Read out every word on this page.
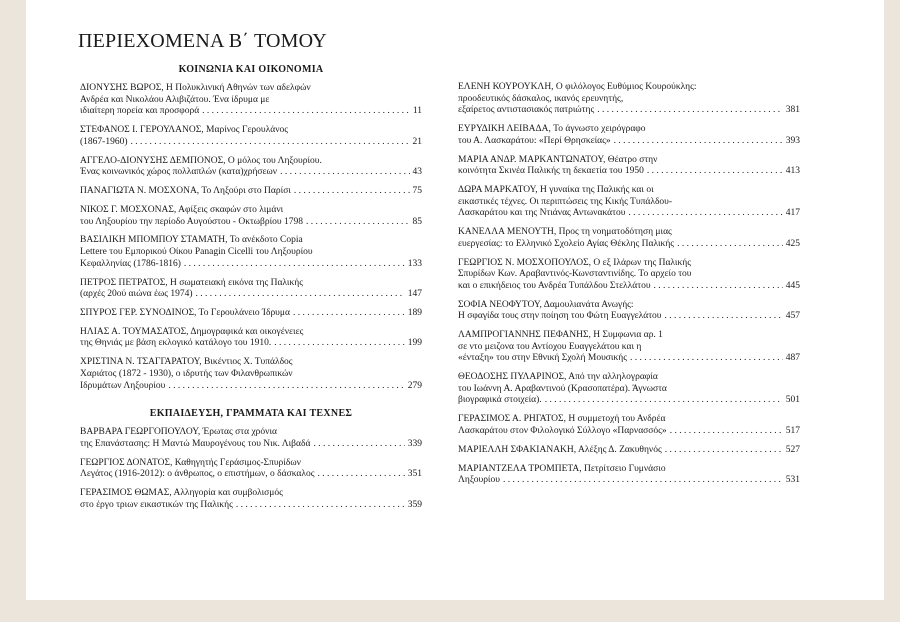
ΠΕΡΙΕΧΟΜΕΝΑ Β΄ ΤΟΜΟΥ
ΚΟΙΝΩΝΙΑ ΚΑΙ ΟΙΚΟΝΟΜΙΑ
ΔΙΟΝΥΣΗΣ ΒΩΡΟΣ, Η Πολυκλινική Αθηνών των αδελφών
Ανδρέα και Νικολάου Αλιβιζάτου. Ένα ίδρυμα με
ιδιαίτερη πορεία και προσφορά . . .	11
ΣΤΕΦΑΝΟΣ Ι. ΓΕΡΟΥΛΑΝΟΣ, Μαρίνος Γερουλάνος
(1867-1960) . . .	21
ΑΓΓΕΛΟ-ΔΙΟΝΥΣΗΣ ΔΕΜΠΟΝΟΣ, Ο μόλος του Ληξουρίου.
Ένας κοινωνικός χώρος πολλαπλών (κατα)χρήσεων . . .	43
ΠΑΝΑΓΙΩΤΑ Ν. ΜΟΣΧΟΝΑ, Το Ληξούρι στο Παρίσι . . .	75
ΝΙΚΟΣ Γ. ΜΟΣΧΟΝΑΣ, Αφίξεις σκαφών στο λιμάνι
του Ληξουρίου την περίοδο Αυγούστου - Οκτωβρίου 1798 . . .	85
ΒΑΣΙΛΙΚΗ ΜΠΟΜΠΟΥ ΣΤΑΜΑΤΗ, Το ανέκδοτο Copia
Lettere του Εμπορικού Οίκου Panagin Cicelli του Ληξουρίου
Κεφαλληνίας (1786-1816) . . .	133
ΠΕΤΡΟΣ ΠΕΤΡΑΤΟΣ, Η σωματειακή εικόνα της Παλικής
(αρχές 20ού αιώνα έως 1974) . . .	147
ΣΠΥΡΟΣ ΓΕΡ. ΣΥΝΟΔΙΝΟΣ, Το Γερουλάνειο Ίδρυμα . . .	189
ΗΛΙΑΣ Α. ΤΟΥΜΑΣΑΤΟΣ, Δημογραφικά και οικογένειες
της Θηνιάς με βάση εκλογικό κατάλογο του 1910. . . .	199
ΧΡΙΣΤΙΝΑ Ν. ΤΣΑΓΓΑΡΑΤΟΥ, Βικέντιος Χ. Τυπάλδος
Χαριάτος (1872 - 1930), ο ιδρυτής των Φιλανθρωπικών
Ιδρυμάτων Ληξουρίου . . .	279
ΕΚΠΑΙΔΕΥΣΗ, ΓΡΑΜΜΑΤΑ ΚΑΙ ΤΕΧΝΕΣ
ΒΑΡΒΑΡΑ ΓΕΩΡΓΟΠΟΥΛΟΥ, Έρωτας στα χρόνια
της Επανάστασης: Η Μαντώ Μαυρογένους του Νικ. Λιβαδά . . .	339
ΓΕΩΡΓΙΟΣ ΔΟΝΑΤΟΣ, Καθηγητής Γεράσιμος-Σπυρίδων
Λεγάτος (1916-2012): ο άνθρωπος, ο επιστήμων, ο δάσκαλος . . .	351
ΓΕΡΑΣΙΜΟΣ ΘΩΜΑΣ, Αλληγορία και συμβολισμός
στο έργο τριων εικαστικών της Παλικής . . .	359
ΕΛΕΝΗ ΚΟΥΡΟΥΚΛΗ, Ο φιλόλογος Ευθύμιος Κουρούκλης:
προοδευτικός δάσκαλος, ικανός ερευνητής,
εξαίρετος αντιστασιακός πατριώτης . . .	381
ΕΥΡΥΔΙΚΗ ΛΕΙΒΑΔΑ, Το άγνωστο χειρόγραφο
του Α. Λασκαράτου: «Περί Θρησκείας» . . .	393
ΜΑΡΙΑ ΑΝΔΡ. ΜΑΡΚΑΝΤΩΝΑΤΟΥ, Θέατρο στην
κοινότητα Σκινέα Παλικής τη δεκαετία του 1950 . . .	413
ΔΩΡΑ ΜΑΡΚΑΤΟΥ, Η γυναίκα της Παλικής και οι
εικαστικές τέχνες. Οι περιπτώσεις της Κικής Τυπάλδου-
Λασκαράτου και της Ντιάνας Αντωνακάτου . . .	417
ΚΑΝΕΛΛΑ ΜΕΝΟΥΤΗ, Προς τη νοηματοδότηση μιας
ευεργεσίας: το Ελληνικό Σχολείο Αγίας Θέκλης Παλικής . . .	425
ΓΕΩΡΓΙΟΣ Ν. ΜΟΣΧΟΠΟΥΛΟΣ, Ο εξ Ιλάρων της Παλικής
Σπυρίδων Κων. Αραβαντινός-Κωνσταντινίδης. Το αρχείο του
και ο επικήδειος του Ανδρέα Τυπάλδου Στελλάτου . . .	445
ΣΟΦΙΑ ΝΕΟΦΥΤΟΥ, Δαμουλιανάτα Ανωγής:
Η σφαγίδα τους στην ποίηση του Φώτη Ευαγγελάτου . . .	457
ΛΑΜΠΡΟΓΙΑΝΝΗΣ ΠΕΦΑΝΗΣ, Η Συμφωνια αρ. 1
σε ντο μειζονα του Αντίοχου Ευαγγελάτου και η
«ένταξη» του στην Εθνική Σχολή Μουσικής . . .	487
ΘΕΟΔΟΣΗΣ ΠΥΛΑΡΙΝΟΣ, Από την αλληλογραφία
του Ιωάννη Α. Αραβαντινού (Κρασοπατέρα). Άγνωστα
βιογραφικά στοιχεία). . . .	501
ΓΕΡΑΣΙΜΟΣ Α. ΡΗΓΑΤΟΣ, Η συμμετοχή του Ανδρέα
Λασκαράτου στον Φιλολογικό Σύλλογο «Παρνασσός» . . .	517
ΜΑΡΙΕΛΛΗ ΣΦΑΚΙΑΝΑΚΗ, Αλέξης Δ. Ζακυθηνός . . .	527
ΜΑΡΙΑΝΤΖΕΛΑ ΤΡΟΜΠΕΤΑ, Πετρίτσειο Γυμνάσιο
Ληξουρίου . . .	531
